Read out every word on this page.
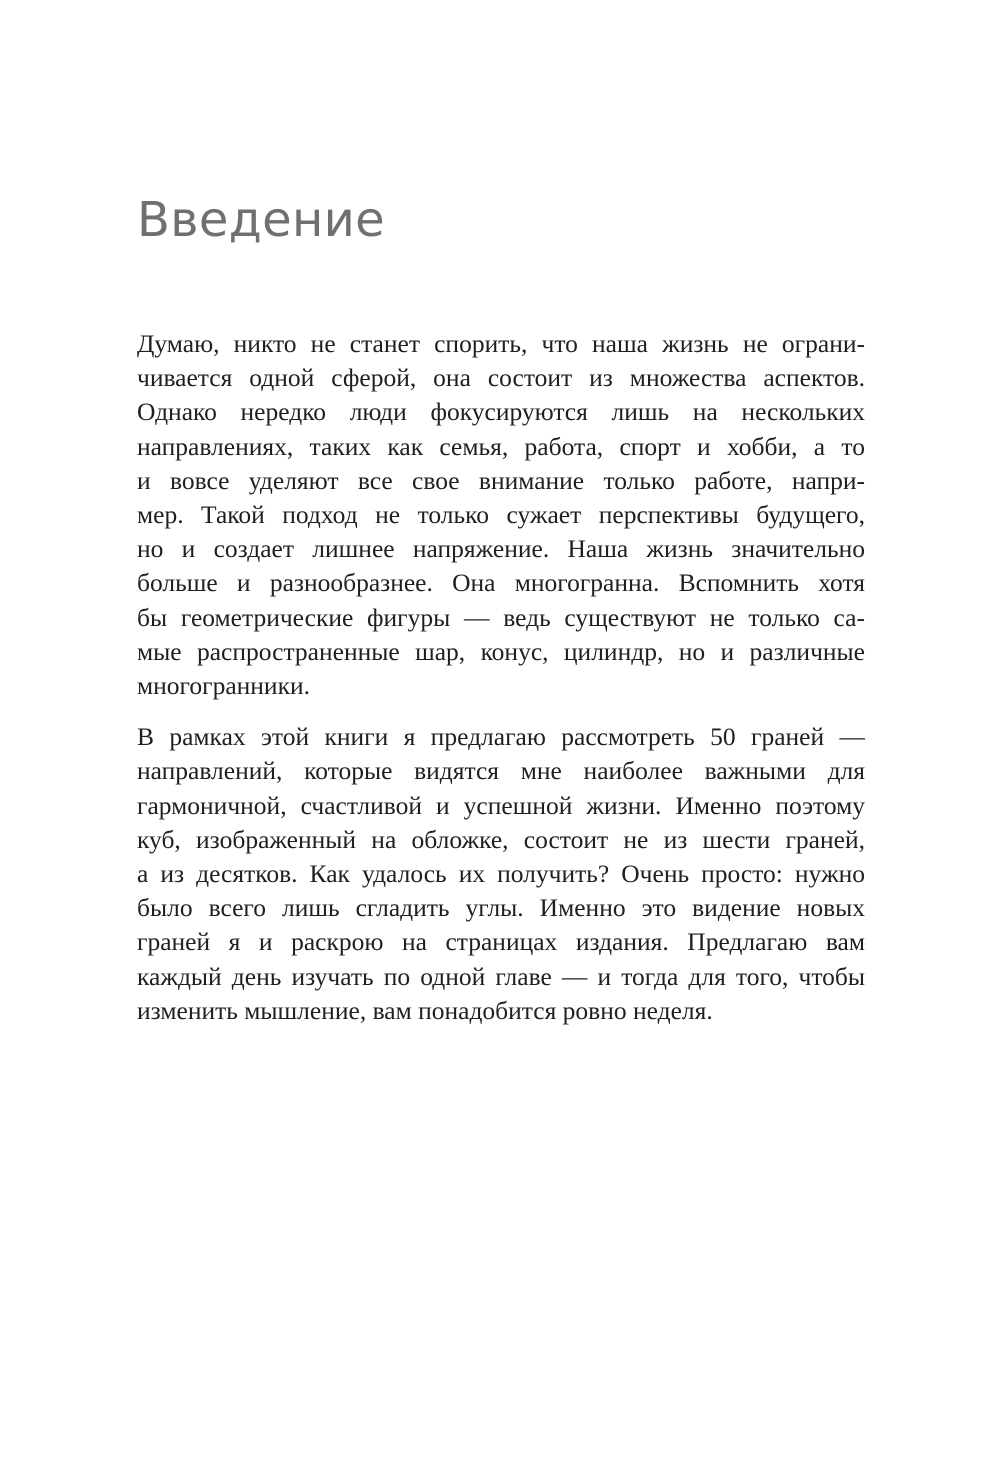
Введение

Думаю, никто не станет спорить, что наша жизнь не ограни-
чивается одной сферой, она состоит из множества аспектов.
Однако нередко люди фокусируются лишь на нескольких
направлениях, таких как семья, работа, спорт и хобби, а то
и вовсе уделяют все свое внимание только работе, напри-
мер. Такой подход не только сужает перспективы будущего,
но и создает лишнее напряжение. Наша жизнь значительно
больше и разнообразнее. Она многогранна. Вспомнить хотя
бы геометрические фигуры — ведь существуют не только са-
мые распространенные шар, конус, цилиндр, но и различные
многогранники.

В рамках этой книги я предлагаю рассмотреть 50 граней —
направлений, которые видятся мне наиболее важными для
гармоничной, счастливой и успешной жизни. Именно поэтому
куб, изображенный на обложке, состоит не из шести граней,
а из десятков. Как удалось их получить? Очень просто: нужно
было всего лишь сгладить углы. Именно это видение новых
граней я и раскрою на страницах издания. Предлагаю вам
каждый день изучать по одной главе — и тогда для того, чтобы
изменить мышление, вам понадобится ровно неделя.
